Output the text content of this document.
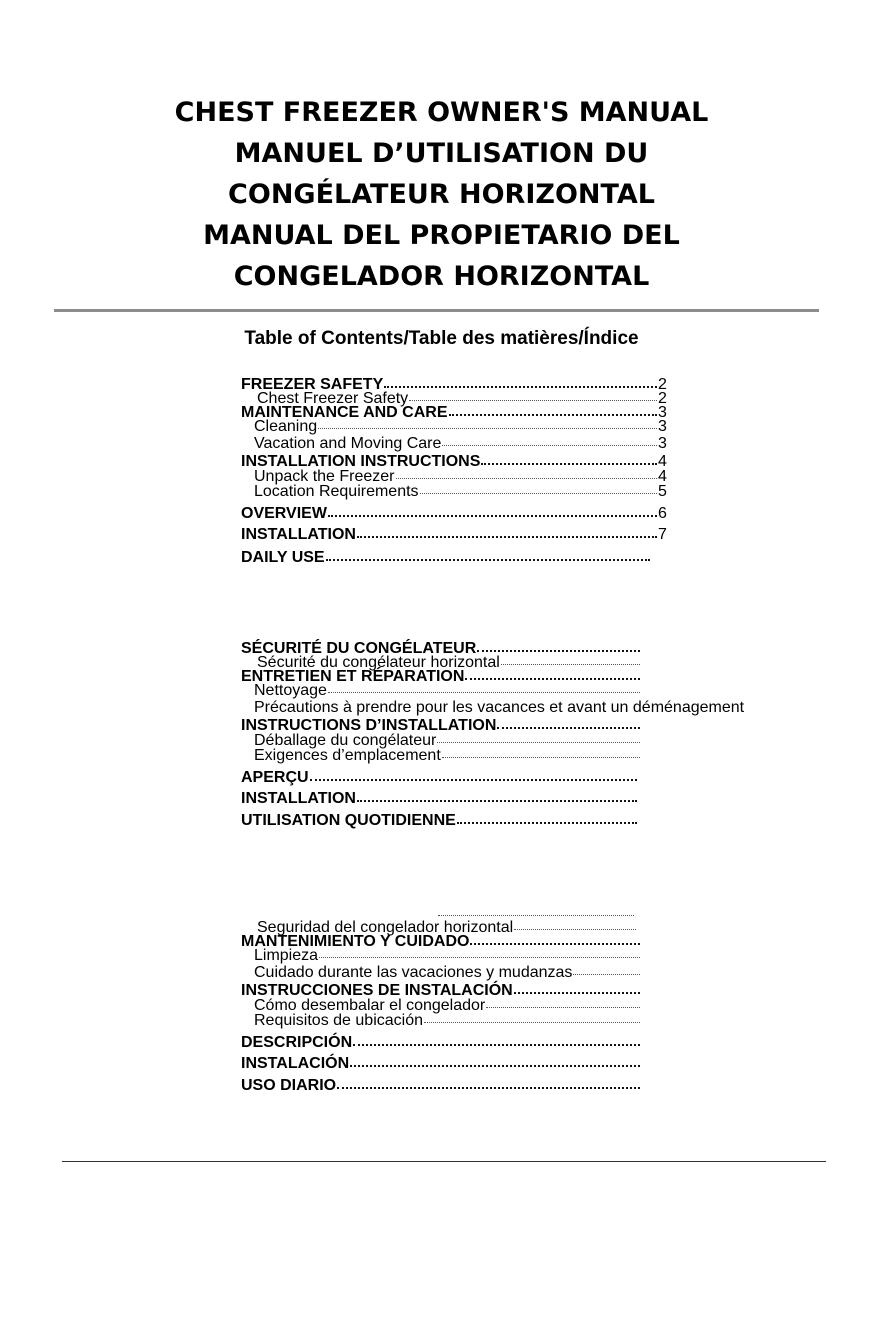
CHEST FREEZER OWNER'S MANUAL
MANUEL D’UTILISATION DU
CONGÉLATEUR HORIZONTAL
MANUAL DEL PROPIETARIO DEL
CONGELADOR HORIZONTAL
Table of Contents/Table des matières/Índice
FREEZER SAFETY	2
Chest Freezer Safety	2
MAINTENANCE AND CARE	3
Cleaning	3
Vacation and Moving Care	3
INSTALLATION INSTRUCTIONS	4
Unpack the Freezer	4
Location Requirements	5
OVERVIEW	6
INSTALLATION	7
DAILY USE
SÉCURITÉ DU CONGÉLATEUR
Sécurité du congélateur horizontal
ENTRETIEN ET RÉPARATION
Nettoyage
Précautions à prendre pour les vacances et avant un déménagement
INSTRUCTIONS D’INSTALLATION
Déballage du congélateur
Exigences d’emplacement
APERÇU
INSTALLATION
UTILISATION QUOTIDIENNE
Seguridad del congelador horizontal
MANTENIMIENTO Y CUIDADO
Limpieza
Cuidado durante las vacaciones y mudanzas
INSTRUCCIONES DE INSTALACIÓN
Cómo desembalar el congelador
Requisitos de ubicación
DESCRIPCIÓN
INSTALACIÓN
USO DIARIO
